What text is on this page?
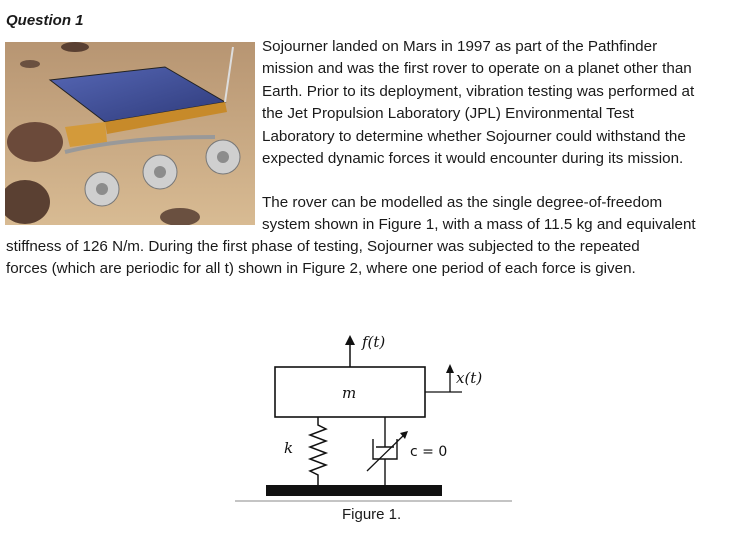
Question 1
Sojourner landed on Mars in 1997 as part of the Pathfinder
mission and was the first rover to operate on a planet other than
Earth. Prior to its deployment, vibration testing was performed at
the Jet Propulsion Laboratory (JPL) Environmental Test
Laboratory to determine whether Sojourner could withstand the
expected dynamic forces it would encounter during its mission.
The rover can be modelled as the single degree-of-freedom
system shown in Figure 1, with a mass of 11.5 kg and equivalent
stiffness of 126 N/m. During the first phase of testing, Sojourner was subjected to the repeated
forces (which are periodic for all t) shown in Figure 2, where one period of each force is given.
m
f(t)
x(t)
k	c = 0
Figure 1.
